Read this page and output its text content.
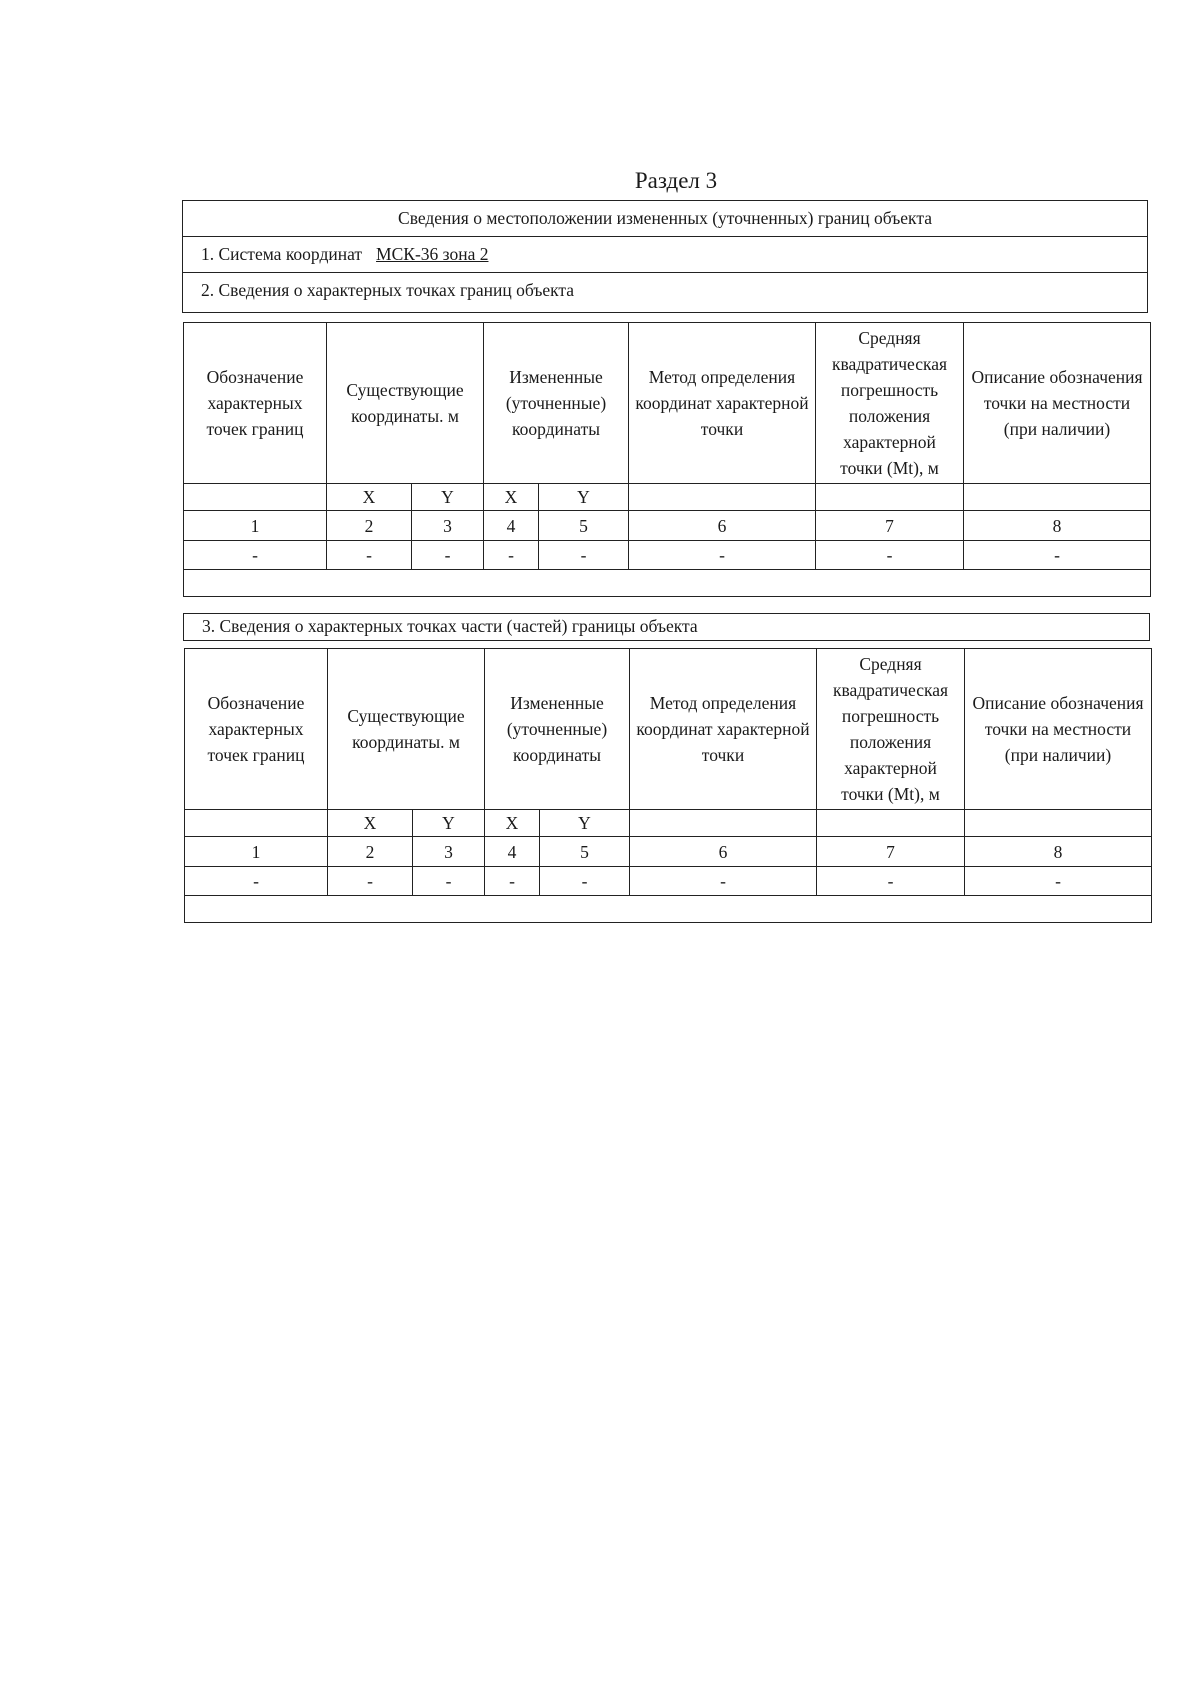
Раздел 3
Сведения о местоположении измененных (уточненных) границ объекта
1. Система координат МСК-36 зона 2
2. Сведения о характерных точках границ объекта
Обозначение характерных точек границ	Существующие координаты. м		Измененные (уточненные) координаты		Метод определения координат характерной точки	Средняя квадратическая погрешность положения характерной точки (Mt), м	Описание обозначения точки на местности (при наличии)
	X	Y	X	Y			
1	2	3	4	5	6	7	8
-	-	-	-	-	-	-	-

3. Сведения о характерных точках части (частей) границы объекта
Обозначение характерных точек границ	Существующие координаты. м		Измененные (уточненные) координаты		Метод определения координат характерной точки	Средняя квадратическая погрешность положения характерной точки (Mt), м	Описание обозначения точки на местности (при наличии)
	X	Y	X	Y			
1	2	3	4	5	6	7	8
-	-	-	-	-	-	-	-
